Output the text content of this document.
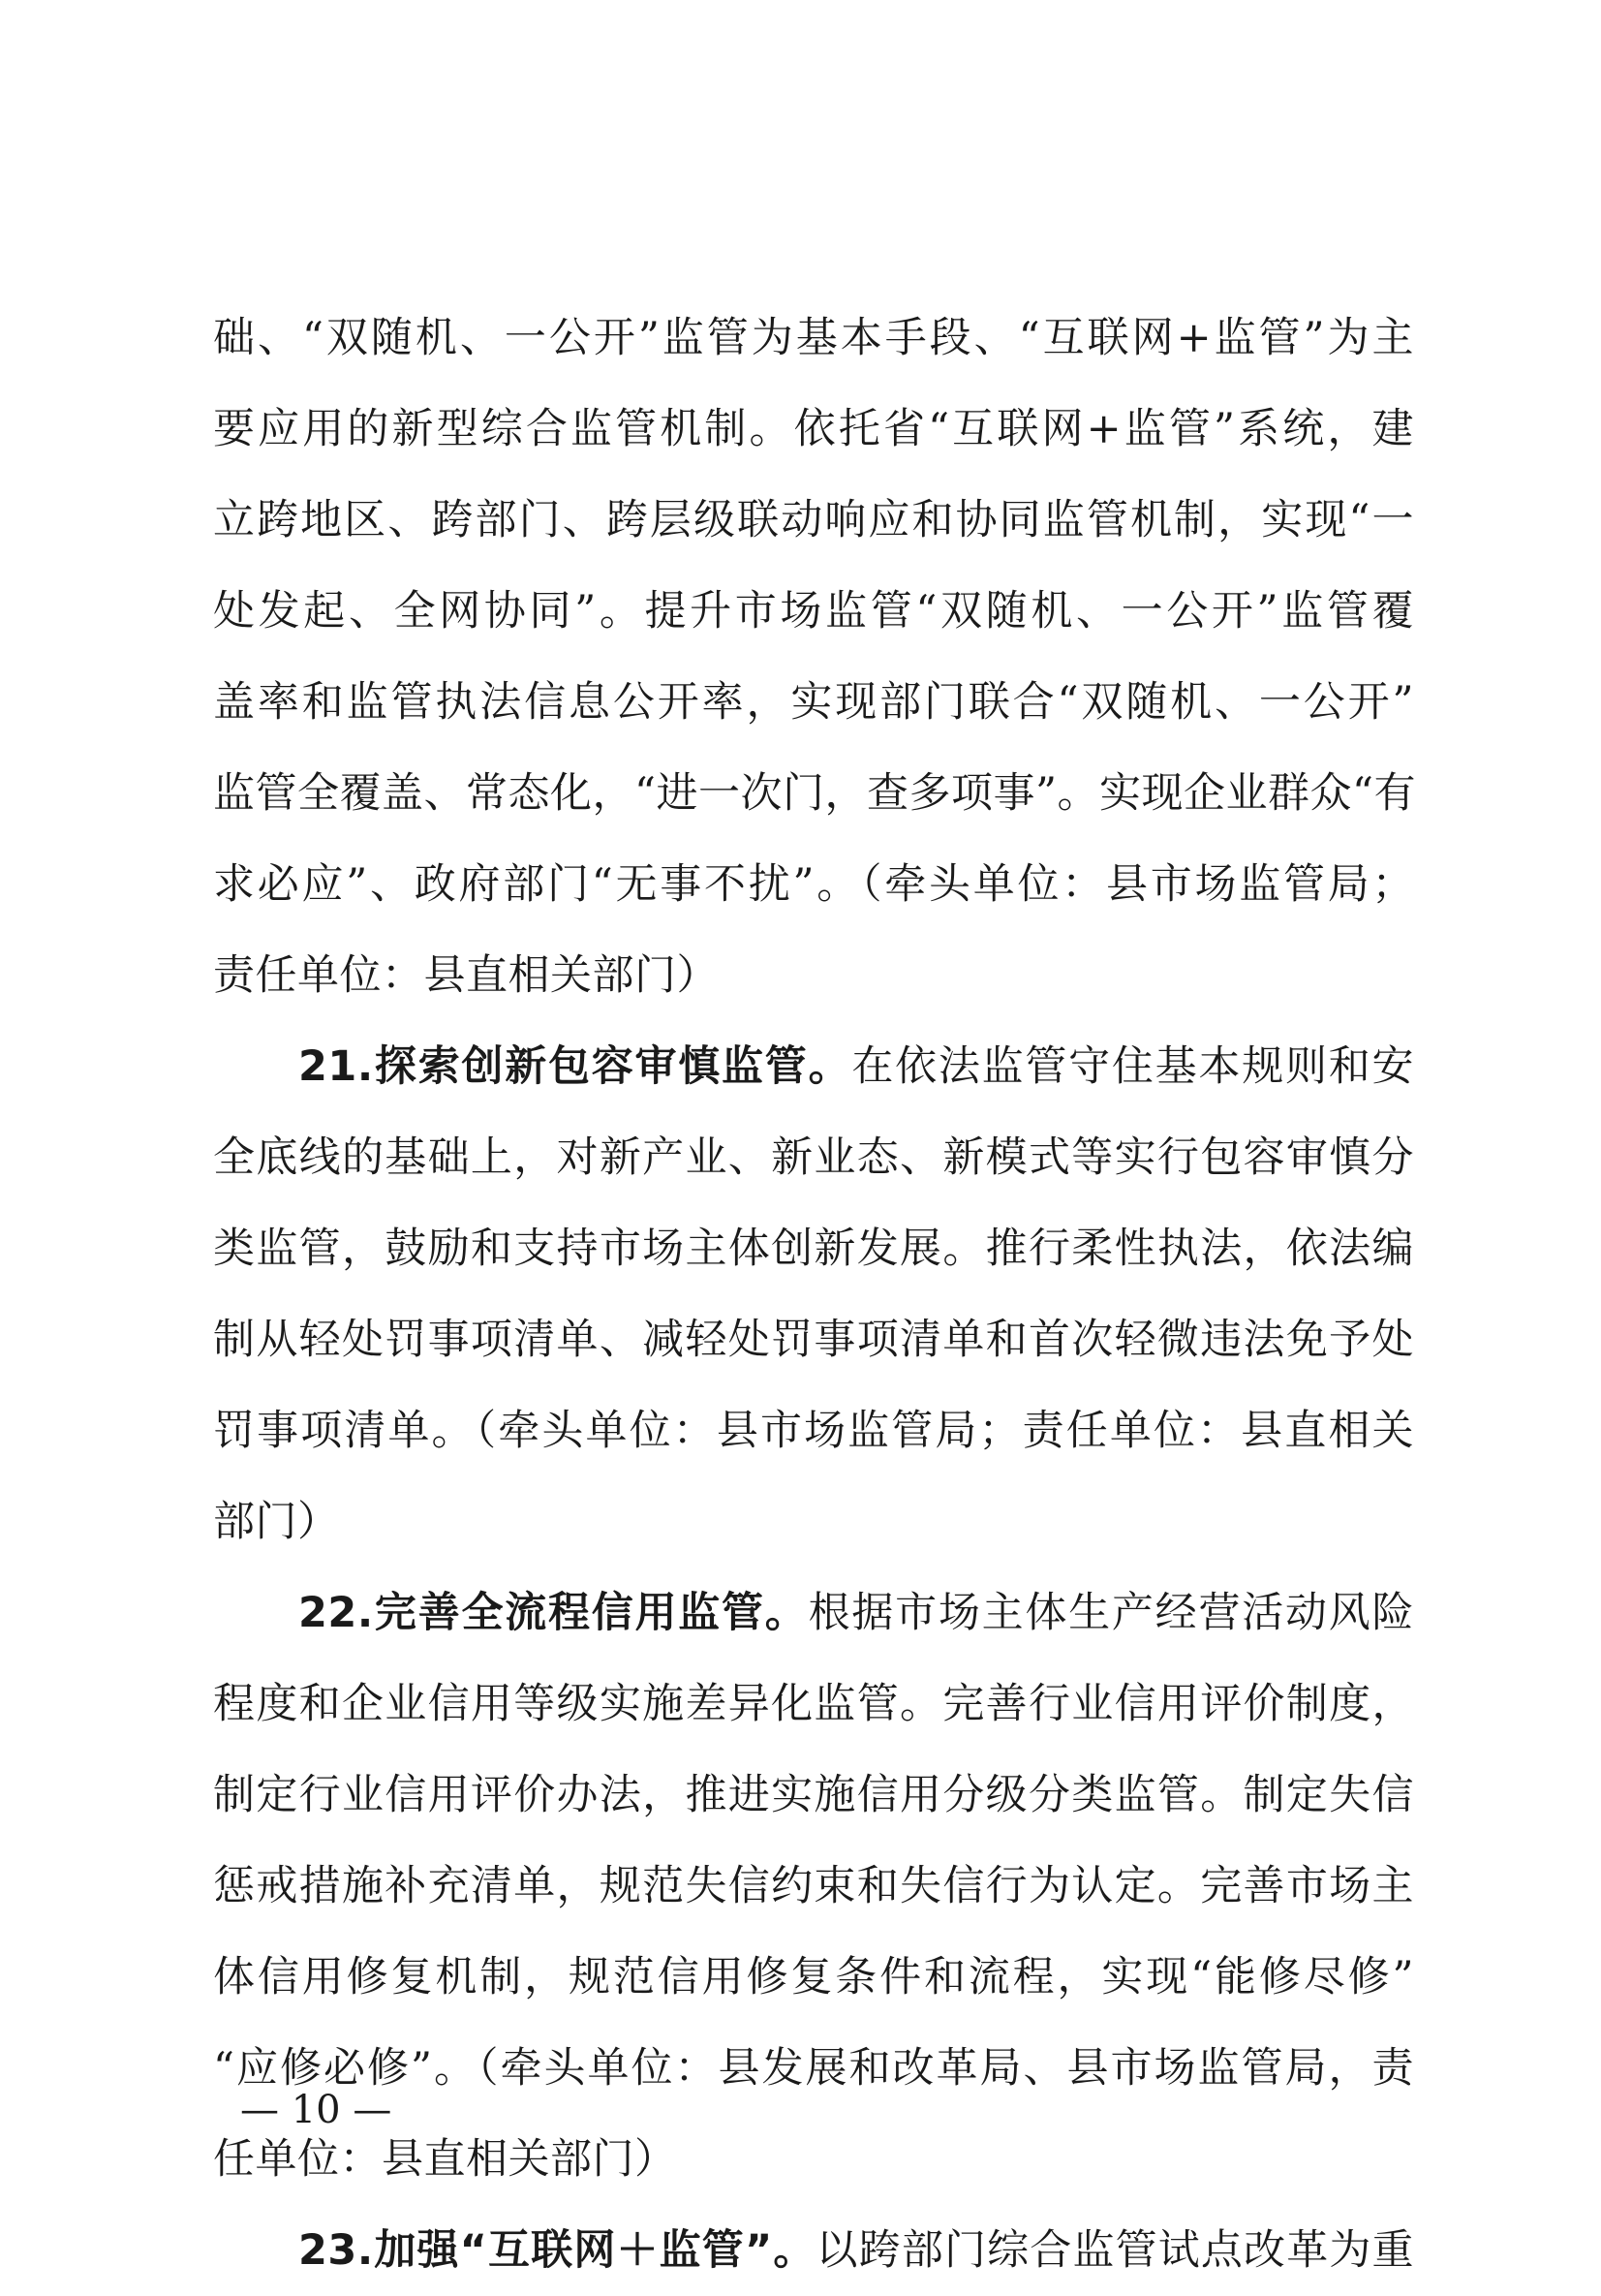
础、“双随机、一公开”监管为基本手段、“互联网+监管”为主
要应用的新型综合监管机制。依托省“互联网+监管”系统，建
立跨地区、跨部门、跨层级联动响应和协同监管机制，实现“一
处发起、全网协同”。提升市场监管“双随机、一公开”监管覆
盖率和监管执法信息公开率，实现部门联合“双随机、一公开”
监管全覆盖、常态化，“进一次门，查多项事”。实现企业群众“有
求必应”、政府部门“无事不扰”。（牵头单位：县市场监管局；
责任单位：县直相关部门）
21.探索创新包容审慎监管。在依法监管守住基本规则和安
全底线的基础上，对新产业、新业态、新模式等实行包容审慎分
类监管，鼓励和支持市场主体创新发展。推行柔性执法，依法编
制从轻处罚事项清单、减轻处罚事项清单和首次轻微违法免予处
罚事项清单。（牵头单位：县市场监管局；责任单位：县直相关
部门）
22.完善全流程信用监管。根据市场主体生产经营活动风险
程度和企业信用等级实施差异化监管。完善行业信用评价制度，
制定行业信用评价办法，推进实施信用分级分类监管。制定失信
惩戒措施补充清单，规范失信约束和失信行为认定。完善市场主
体信用修复机制，规范信用修复条件和流程，实现“能修尽修”
“应修必修”。（牵头单位：县发展和改革局、县市场监管局，责
任单位：县直相关部门）
23.加强“互联网＋监管”。以跨部门综合监管试点改革为重
— 10 —
